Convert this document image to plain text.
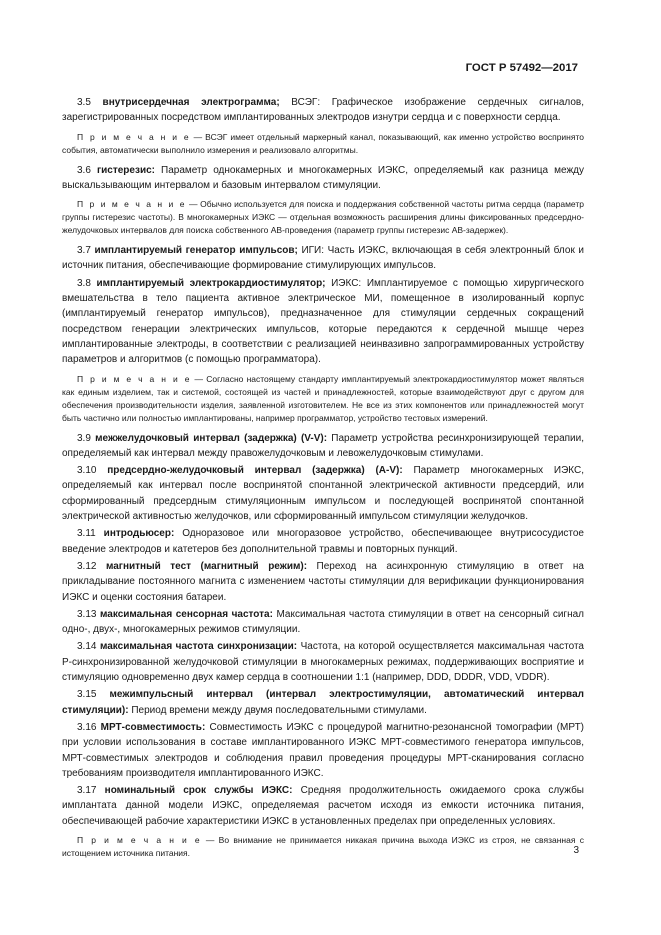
ГОСТ Р 57492—2017

3.5 внутрисердечная электрограмма; ВСЭГ: Графическое изображение сердечных сигналов, зарегистрированных посредством имплантированных электродов изнутри сердца и с поверхности сердца.

П р и м е ч а н и е — ВСЭГ имеет отдельный маркерный канал, показывающий, как именно устройство воспринято события, автоматически выполнило измерения и реализовало алгоритмы.

3.6 гистерезис: Параметр однокамерных и многокамерных ИЭКС, определяемый как разница между выскальзывающим интервалом и базовым интервалом стимуляции.

П р и м е ч а н и е — Обычно используется для поиска и поддержания собственной частоты ритма сердца (параметр группы гистерезис частоты). В многокамерных ИЭКС — отдельная возможность расширения длины фиксированных предсердно-желудочковых интервалов для поиска собственного АВ-проведения (параметр группы гистерезис АВ-задержек).

3.7 имплантируемый генератор импульсов; ИГИ: Часть ИЭКС, включающая в себя электронный блок и источник питания, обеспечивающие формирование стимулирующих импульсов.

3.8 имплантируемый электрокардиостимулятор; ИЭКС: Имплантируемое с помощью хирургического вмешательства в тело пациента активное электрическое МИ, помещенное в изолированный корпус (имплантируемый генератор импульсов), предназначенное для стимуляции сердечных сокращений посредством генерации электрических импульсов, которые передаются к сердечной мышце через имплантированные электроды, в соответствии с реализацией неинвазивно запрограммированных устройству параметров и алгоритмов (с помощью программатора).

П р и м е ч а н и е — Согласно настоящему стандарту имплантируемый электрокардиостимулятор может являться как единым изделием, так и системой, состоящей из частей и принадлежностей, которые взаимодействуют друг с другом для обеспечения производительности изделия, заявленной изготовителем. Не все из этих компонентов или принадлежностей могут быть частично или полностью имплантированы, например программатор, устройство тестовых измерений.

3.9 межжелудочковый интервал (задержка) (V-V): Параметр устройства ресинхронизирующей терапии, определяемый как интервал между правожелудочковым и левожелудочковым стимулами.

3.10 предсердно-желудочковый интервал (задержка) (A-V): Параметр многокамерных ИЭКС, определяемый как интервал после воспринятой спонтанной электрической активности предсердий, или сформированный предсердным стимуляционным импульсом и последующей воспринятой спонтанной электрической активностью желудочков, или сформированный импульсом стимуляции желудочков.

3.11 интродьюсер: Одноразовое или многоразовое устройство, обеспечивающее внутрисосудистое введение электродов и катетеров без дополнительной травмы и повторных пункций.

3.12 магнитный тест (магнитный режим): Переход на асинхронную стимуляцию в ответ на прикладывание постоянного магнита с изменением частоты стимуляции для верификации функционирования ИЭКС и оценки состояния батареи.

3.13 максимальная сенсорная частота: Максимальная частота стимуляции в ответ на сенсорный сигнал одно-, двух-, многокамерных режимов стимуляции.

3.14 максимальная частота синхронизации: Частота, на которой осуществляется максимальная частота Р-синхронизированной желудочковой стимуляции в многокамерных режимах, поддерживающих восприятие и стимуляцию одновременно двух камер сердца в соотношении 1:1 (например, DDD, DDDR, VDD, VDDR).

3.15 межимпульсный интервал (интервал электростимуляции, автоматический интервал стимуляции): Период времени между двумя последовательными стимулами.

3.16 МРТ-совместимость: Совместимость ИЭКС с процедурой магнитно-резонансной томографии (МРТ) при условии использования в составе имплантированного ИЭКС МРТ-совместимого генератора импульсов, МРТ-совместимых электродов и соблюдения правил проведения процедуры МРТ-сканирования согласно требованиям производителя имплантированного ИЭКС.

3.17 номинальный срок службы ИЭКС: Средняя продолжительность ожидаемого срока службы имплантата данной модели ИЭКС, определяемая расчетом исходя из емкости источника питания, обеспечивающей рабочие характеристики ИЭКС в установленных пределах при определенных условиях.

П р и м е ч а н и е — Во внимание не принимается никакая причина выхода ИЭКС из строя, не связанная с истощением источника питания.	3
